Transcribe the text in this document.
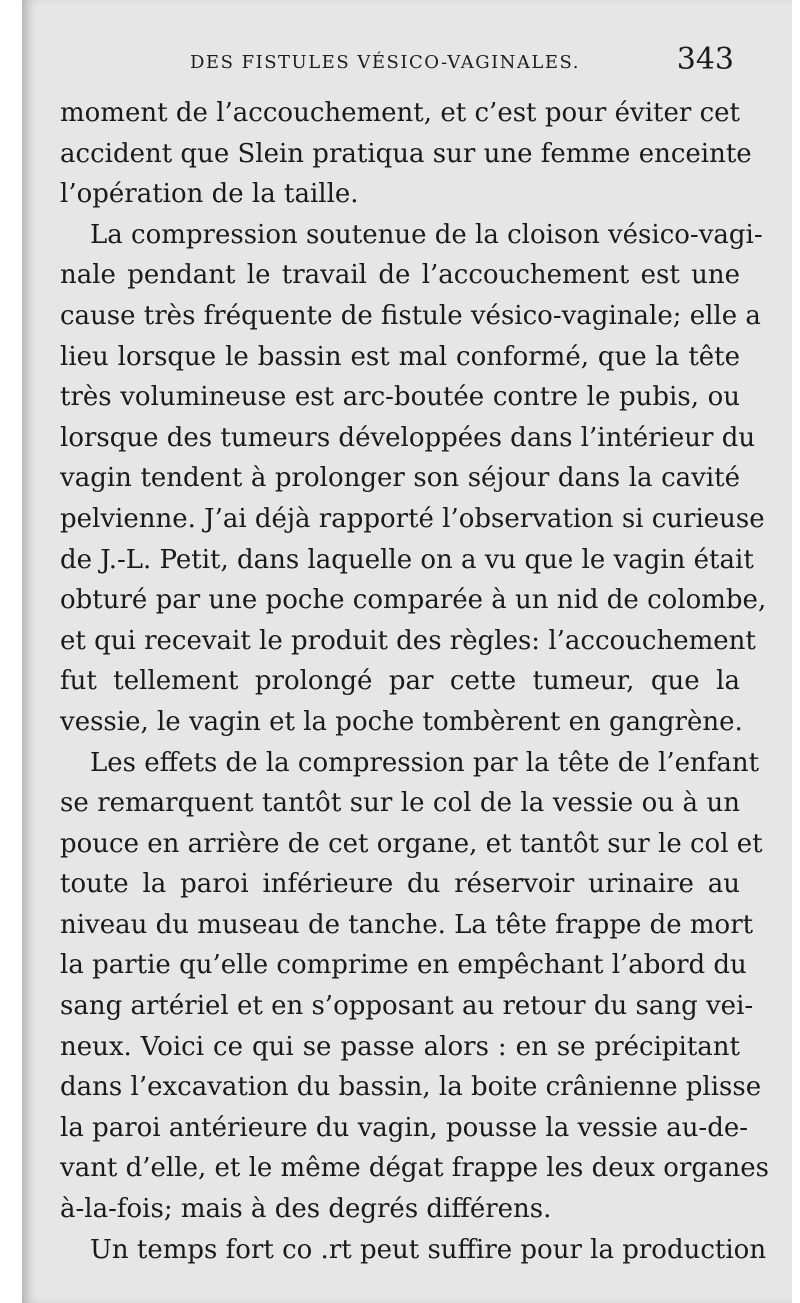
DES FISTULES VÉSICO-VAGINALES.	343
moment de l’accouchement, et c’est pour éviter cet
accident que Slein pratiqua sur une femme enceinte
l’opération de la taille.
La compression soutenue de la cloison vésico-vagi-
nale pendant le travail de l’accouchement est une
cause très fréquente de fistule vésico-vaginale; elle a
lieu lorsque le bassin est mal conformé, que la tête
très volumineuse est arc-boutée contre le pubis, ou
lorsque des tumeurs développées dans l’intérieur du
vagin tendent à prolonger son séjour dans la cavité
pelvienne. J’ai déjà rapporté l’observation si curieuse
de J.-L. Petit, dans laquelle on a vu que le vagin était
obturé par une poche comparée à un nid de colombe,
et qui recevait le produit des règles: l’accouchement
fut tellement prolongé par cette tumeur, que la
vessie, le vagin et la poche tombèrent en gangrène.
Les effets de la compression par la tête de l’enfant
se remarquent tantôt sur le col de la vessie ou à un
pouce en arrière de cet organe, et tantôt sur le col et
toute la paroi inférieure du réservoir urinaire au
niveau du museau de tanche. La tête frappe de mort
la partie qu’elle comprime en empêchant l’abord du
sang artériel et en s’opposant au retour du sang vei-
neux. Voici ce qui se passe alors : en se précipitant
dans l’excavation du bassin, la boite crânienne plisse
la paroi antérieure du vagin, pousse la vessie au-de-
vant d’elle, et le même dégat frappe les deux organes
à-la-fois; mais à des degrés différens.
Un temps fort co .rt peut suffire pour la production
